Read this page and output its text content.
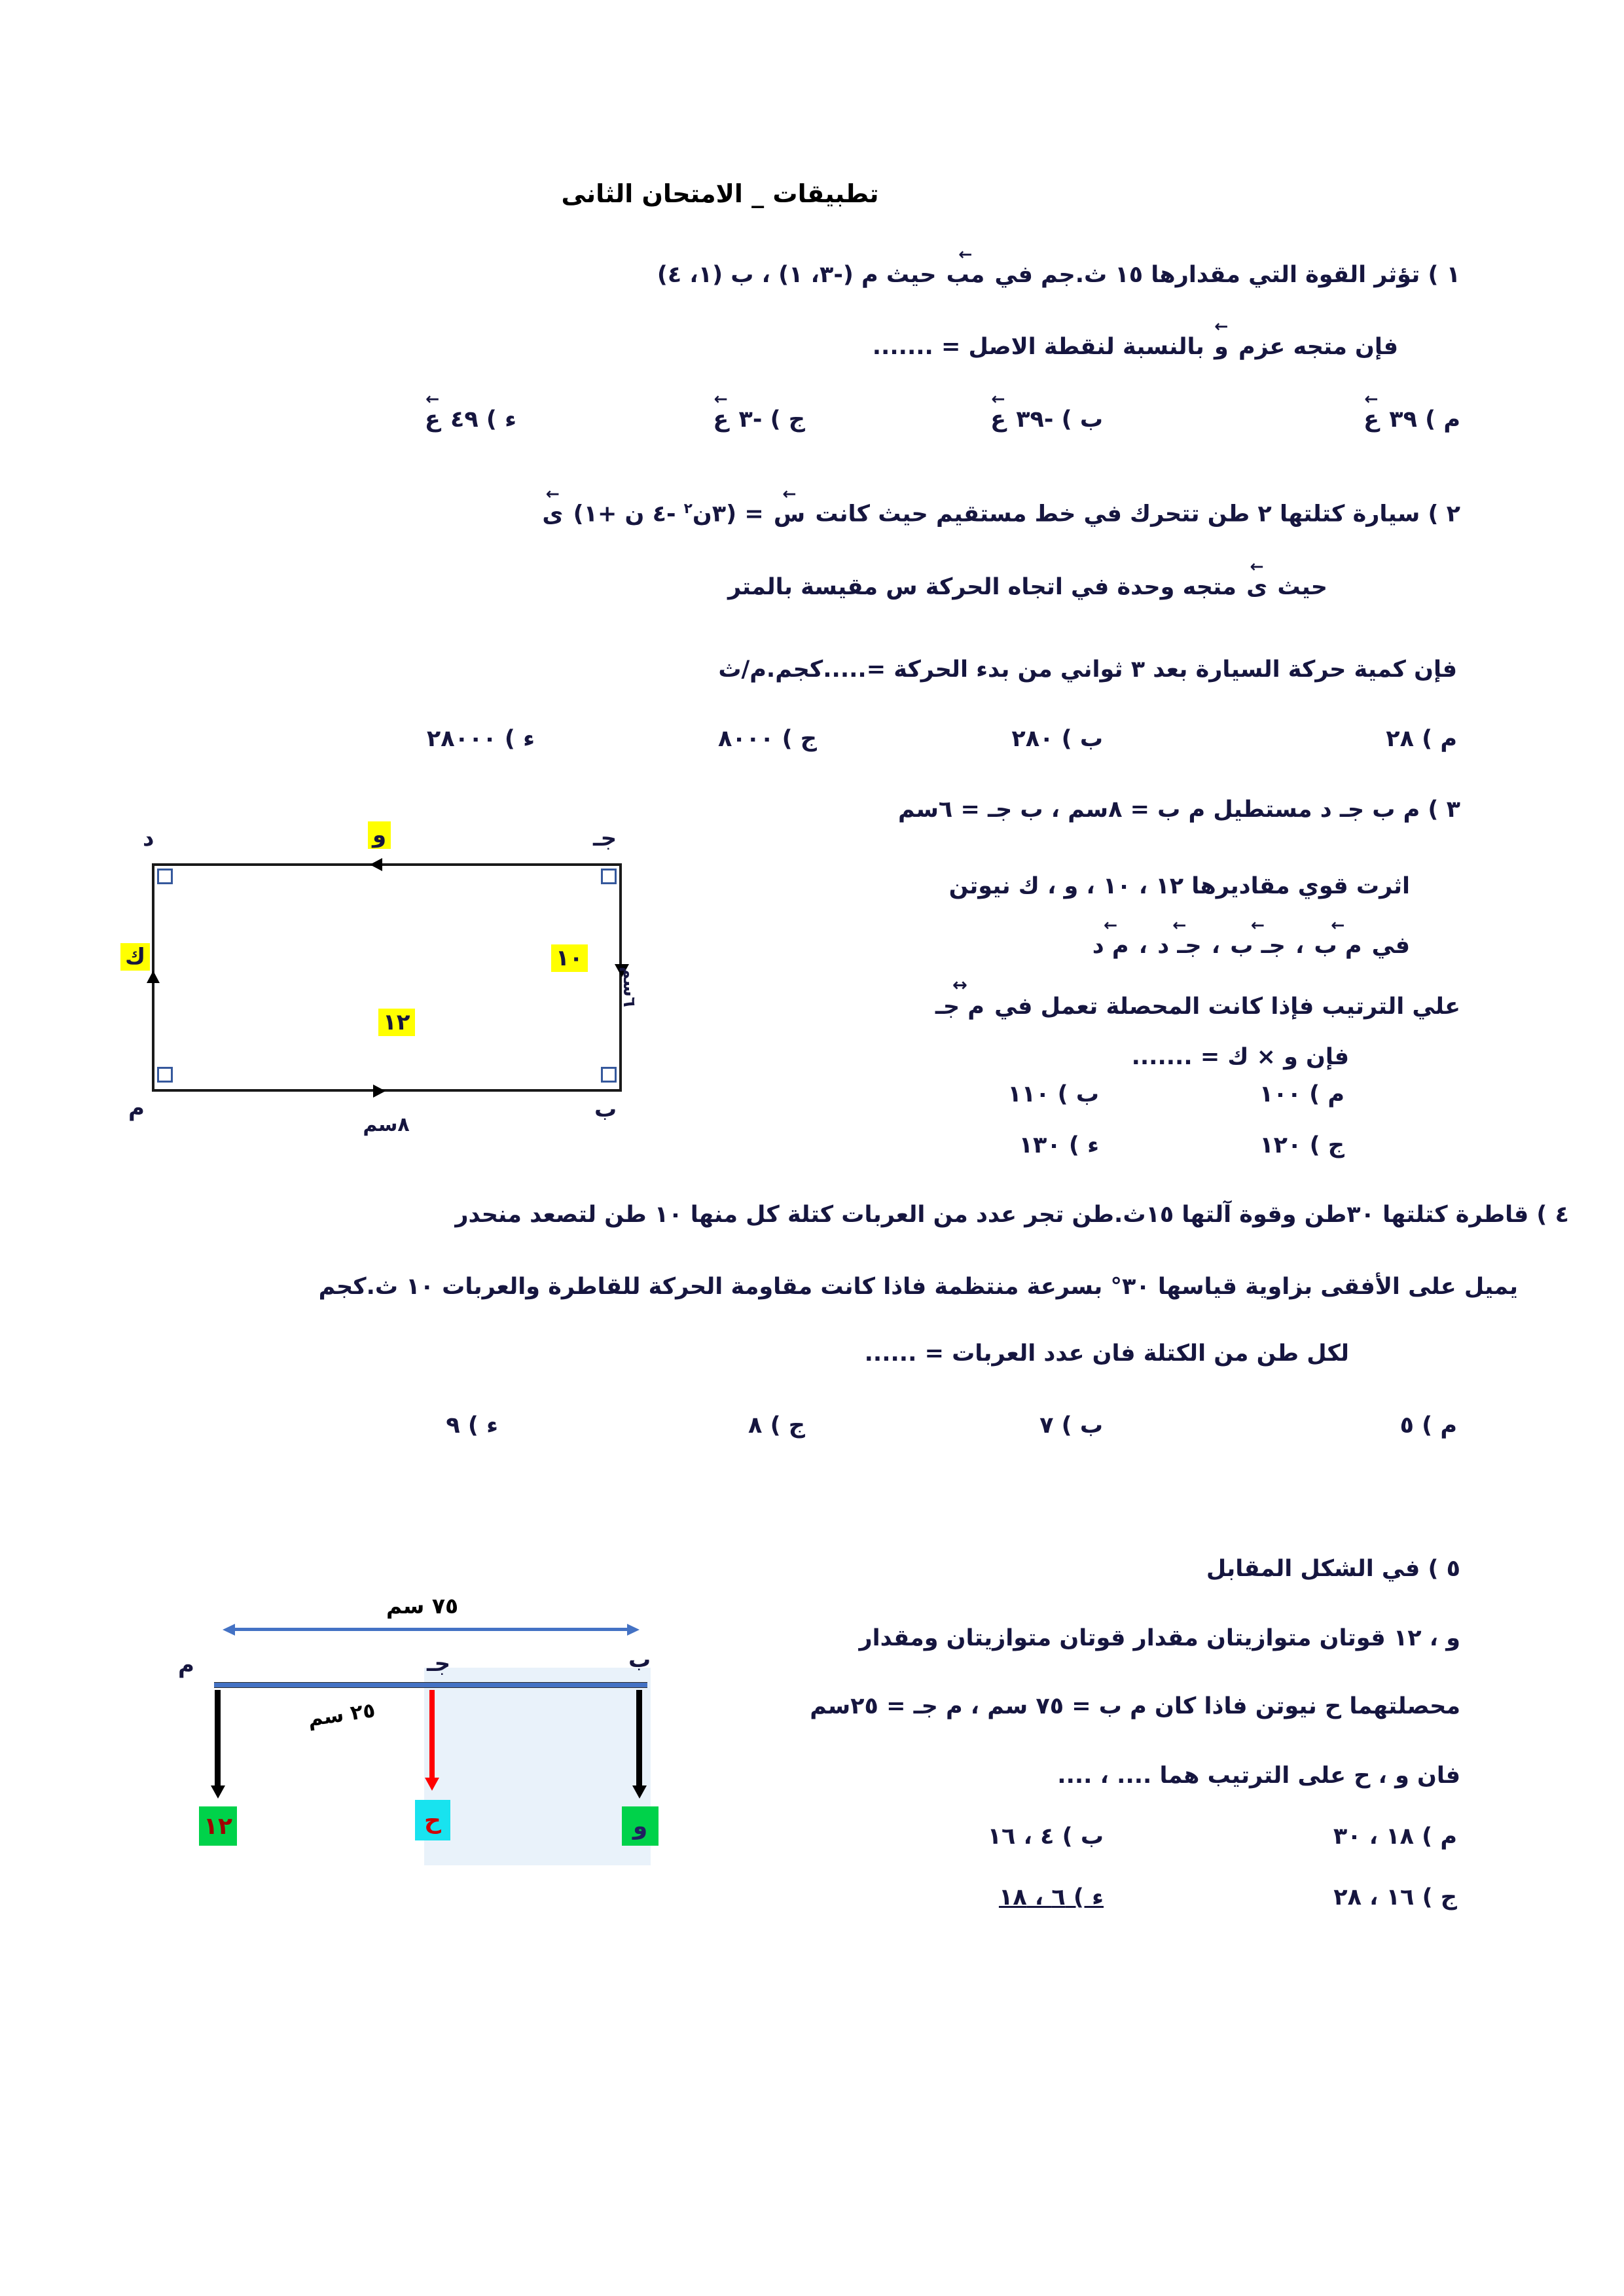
تطبيقات _ الامتحان الثانى
١ ) تؤثر القوة التي مقدارها ١٥ ث.جم في ← مب حيث م (-٣، ١) ، ب (١، ٤)
فإن متجه عزم ← و بالنسبة لنقطة الاصل = .......
م ) ٣٩ ← ع
ب ) -٣٩ ← ع
ج ) -٣ ← ع
ء ) ٤٩ ← ع
٢ ) سيارة كتلتها ٢ طن تتحرك في خط مستقيم حيث كانت ← س = (٣ن$^٢$ -٤ ن +١) ← ى
حيث ← ى متجه وحدة في اتجاه الحركة س مقيسة بالمتر
فإن كمية حركة السيارة بعد ٣ ثواني من بدء الحركة =.....كجم.م/ث
م ) ٢٨
ب ) ٢٨٠
ج ) ٨٠٠٠
ء ) ٢٨٠٠٠
٣ ) م ب جـ د مستطيل م ب = ٨سم ، ب جـ = ٦سم
اثرت قوي مقاديرها ١٢ ، ١٠ ، و ، ك نيوتن
في ← م ب ، ← جـ ب ، ← جـ د ، ← م د
علي الترتيب فإذا كانت المحصلة تعمل في ↔ م جـ
فإن و × ك = .......
م ) ١٠٠
ب ) ١١٠
ج ) ١٢٠
ء ) ١٣٠
و
ك	١٠
١٢
د	جـ
م	ب
٨سم
٦سم
٤ ) قاطرة كتلتها ٣٠طن وقوة آلتها ١٥ث.طن تجر عدد من العربات كتلة كل منها ١٠ طن لتصعد منحدر
يميل على الأفقى بزاوية قياسها ٣٠° بسرعة منتظمة فاذا كانت مقاومة الحركة للقاطرة والعربات ١٠ ث.كجم
لكل طن من الكتلة فان عدد العربات = ......
م ) ٥
ب ) ٧
ج ) ٨
ء ) ٩
٥ ) في الشكل المقابل
و ، ١٢ قوتان متوازيتان مقدار قوتان متوازيتان ومقدار
محصلتهما ح نيوتن فاذا كان م ب = ٧٥ سم ، م جـ = ٢٥سم
فان و ، ح على الترتيب هما .... ، ....
م ) ١٨ ، ٣٠
ب ) ٤ ، ١٦
ج ) ١٦ ، ٢٨
ء ) ٦ ، ١٨
٧٥ سم
م	جـ	ب
٢٥ سم
١٢	ح	و
